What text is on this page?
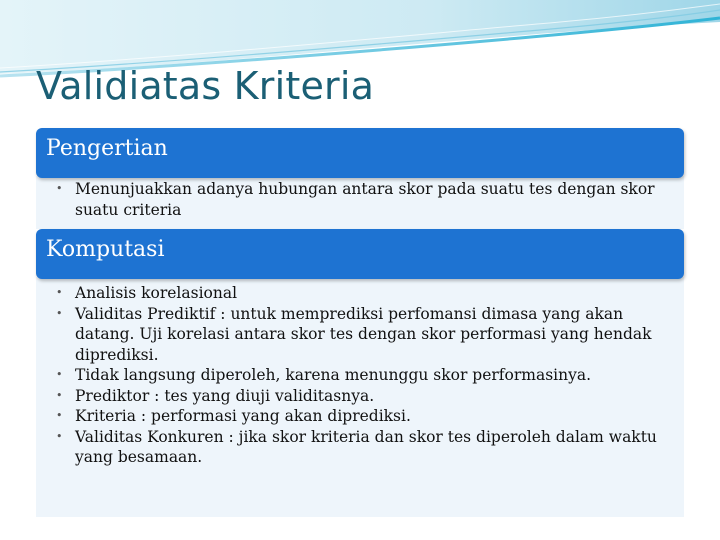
Validiatas Kriteria
Pengertian
• Menunjuakkan adanya hubungan antara skor pada suatu tes dengan skor suatu criteria
Komputasi
• Analisis korelasional
• Validitas Prediktif : untuk memprediksi perfomansi dimasa yang akan datang. Uji korelasi antara skor tes dengan skor performasi yang hendak diprediksi.
• Tidak langsung diperoleh, karena menunggu skor performasinya.
• Prediktor : tes yang diuji validitasnya.
• Kriteria : performasi yang akan diprediksi.
• Validitas Konkuren : jika skor kriteria dan skor tes diperoleh dalam waktu yang besamaan.
